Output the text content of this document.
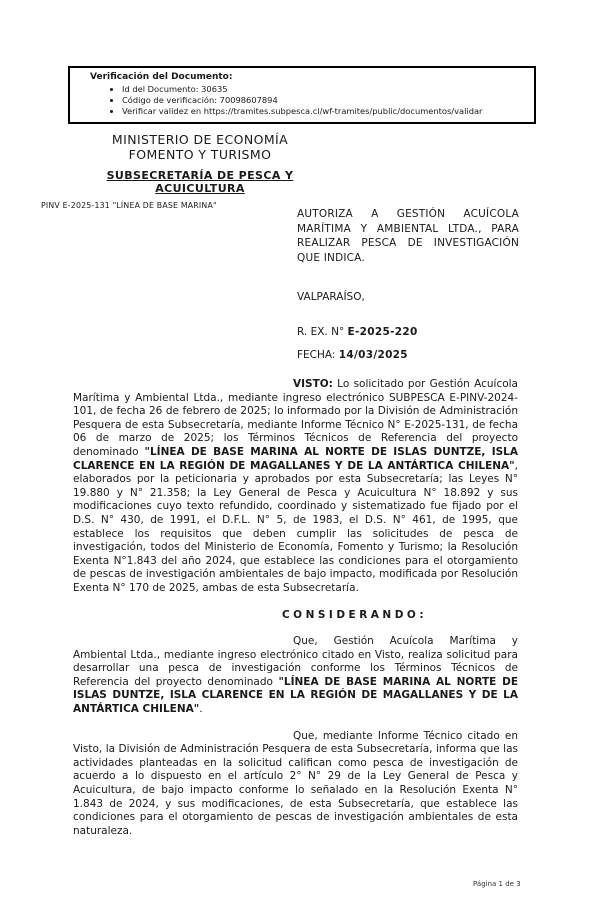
Verificación del Documento:
• Id del Documento: 30635
• Código de verificación: 70098607894
• Verificar validez en https://tramites.subpesca.cl/wf-tramites/public/documentos/validar
MINISTERIO DE ECONOMÍA
FOMENTO Y TURISMO
SUBSECRETARÍA DE PESCA Y
ACUICULTURA
PINV E-2025-131 "LÍNEA DE BASE MARINA"

AUTORIZA A GESTIÓN ACUÍCOLA MARÍTIMA Y AMBIENTAL LTDA., PARA REALIZAR PESCA DE INVESTIGACIÓN QUE INDICA.

VALPARAÍSO,

R. EX. N° E-2025-220

FECHA: 14/03/2025

VISTO: Lo solicitado por Gestión Acuícola Marítima y Ambiental Ltda., mediante ingreso electrónico SUBPESCA E-PINV-2024-101, de fecha 26 de febrero de 2025; lo informado por la División de Administración Pesquera de esta Subsecretaría, mediante Informe Técnico N° E-2025-131, de fecha 06 de marzo de 2025; los Términos Técnicos de Referencia del proyecto denominado "LÍNEA DE BASE MARINA AL NORTE DE ISLAS DUNTZE, ISLA CLARENCE EN LA REGIÓN DE MAGALLANES Y DE LA ANTÁRTICA CHILENA", elaborados por la peticionaria y aprobados por esta Subsecretaría; las Leyes N° 19.880 y N° 21.358; la Ley General de Pesca y Acuicultura N° 18.892 y sus modificaciones cuyo texto refundido, coordinado y sistematizado fue fijado por el D.S. N° 430, de 1991, el D.F.L. N° 5, de 1983, el D.S. N° 461, de 1995, que establece los requisitos que deben cumplir las solicitudes de pesca de investigación, todos del Ministerio de Economía, Fomento y Turismo; la Resolución Exenta N°1.843 del año 2024, que establece las condiciones para el otorgamiento de pescas de investigación ambientales de bajo impacto, modificada por Resolución Exenta N° 170 de 2025, ambas de esta Subsecretaría.

CONSIDERANDO:

Que, Gestión Acuícola Marítima y Ambiental Ltda., mediante ingreso electrónico citado en Visto, realiza solicitud para desarrollar una pesca de investigación conforme los Términos Técnicos de Referencia del proyecto denominado "LÍNEA DE BASE MARINA AL NORTE DE ISLAS DUNTZE, ISLA CLARENCE EN LA REGIÓN DE MAGALLANES Y DE LA ANTÁRTICA CHILENA".

Que, mediante Informe Técnico citado en Visto, la División de Administración Pesquera de esta Subsecretaría, informa que las actividades planteadas en la solicitud califican como pesca de investigación de acuerdo a lo dispuesto en el artículo 2° N° 29 de la Ley General de Pesca y Acuicultura, de bajo impacto conforme lo señalado en la Resolución Exenta N° 1.843 de 2024, y sus modificaciones, de esta Subsecretaría, que establece las condiciones para el otorgamiento de pescas de investigación ambientales de esta naturaleza.

Página 1 de 3
